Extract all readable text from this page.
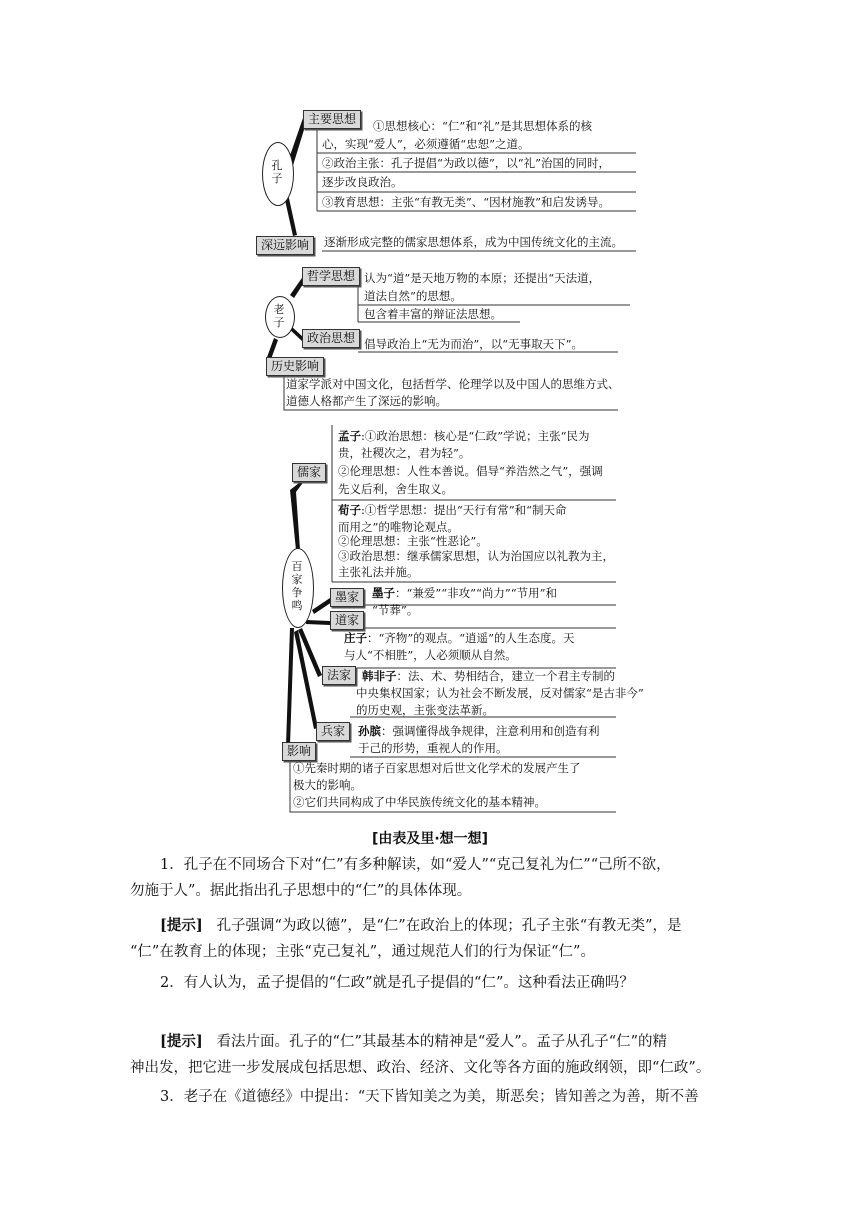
孔子
主要思想
深远影响
①思想核心：“仁”和“礼”是其思想体系的核
心，实现“爱人”，必须遵循“忠恕”之道。
②政治主张：孔子提倡“为政以德”，以“礼”治国的同时，
逐步改良政治。
③教育思想：主张“有教无类”、“因材施教”和启发诱导。
逐渐形成完整的儒家思想体系，成为中国传统文化的主流。
老子
哲学思想
政治思想
历史影响
认为“道”是天地万物的本原；还提出“天法道，
道法自然”的思想。
包含着丰富的辩证法思想。
倡导政治上“无为而治”，以“无事取天下”。
道家学派对中国文化，包括哲学、伦理学以及中国人的思维方式、
道德人格都产生了深远的影响。
百家争鸣
儒家
墨家
道家
法家
兵家
影响
孟子:①政治思想：核心是“仁政”学说；主张“民为
贵，社稷次之，君为轻”。
②伦理思想：人性本善说。倡导“养浩然之气”，强调
先义后利，舍生取义。
荀子:①哲学思想：提出“天行有常”和“制天命
而用之”的唯物论观点。
②伦理思想：主张“性恶论”。
③政治思想：继承儒家思想，认为治国应以礼教为主，
主张礼法并施。
墨子：“兼爱”“非攻”“尚力”“节用”和
“节葬”。
庄子：“齐物”的观点。“逍遥”的人生态度。天
与人“不相胜”，人必须顺从自然。
韩非子：法、术、势相结合，建立一个君主专制的
中央集权国家；认为社会不断发展，反对儒家“是古非今”
的历史观，主张变法革新。
孙膑：强调懂得战争规律，注意利用和创造有利
于己的形势，重视人的作用。
①先秦时期的诸子百家思想对后世文化学术的发展产生了
极大的影响。
②它们共同构成了中华民族传统文化的基本精神。
[由表及里·想一想]
1．孔子在不同场合下对“仁”有多种解读，如“爱人”“克己复礼为仁”“己所不欲，
勿施于人”。据此指出孔子思想中的“仁”的具体体现。
[提示] 孔子强调“为政以德”，是“仁”在政治上的体现；孔子主张“有教无类”，是
“仁”在教育上的体现；主张“克己复礼”，通过规范人们的行为保证“仁”。
2．有人认为，孟子提倡的“仁政”就是孔子提倡的“仁”。这种看法正确吗？
[提示] 看法片面。孔子的“仁”其最基本的精神是“爱人”。孟子从孔子“仁”的精
神出发，把它进一步发展成包括思想、政治、经济、文化等各方面的施政纲领，即“仁政”。
3．老子在《道德经》中提出：“天下皆知美之为美，斯恶矣；皆知善之为善，斯不善
